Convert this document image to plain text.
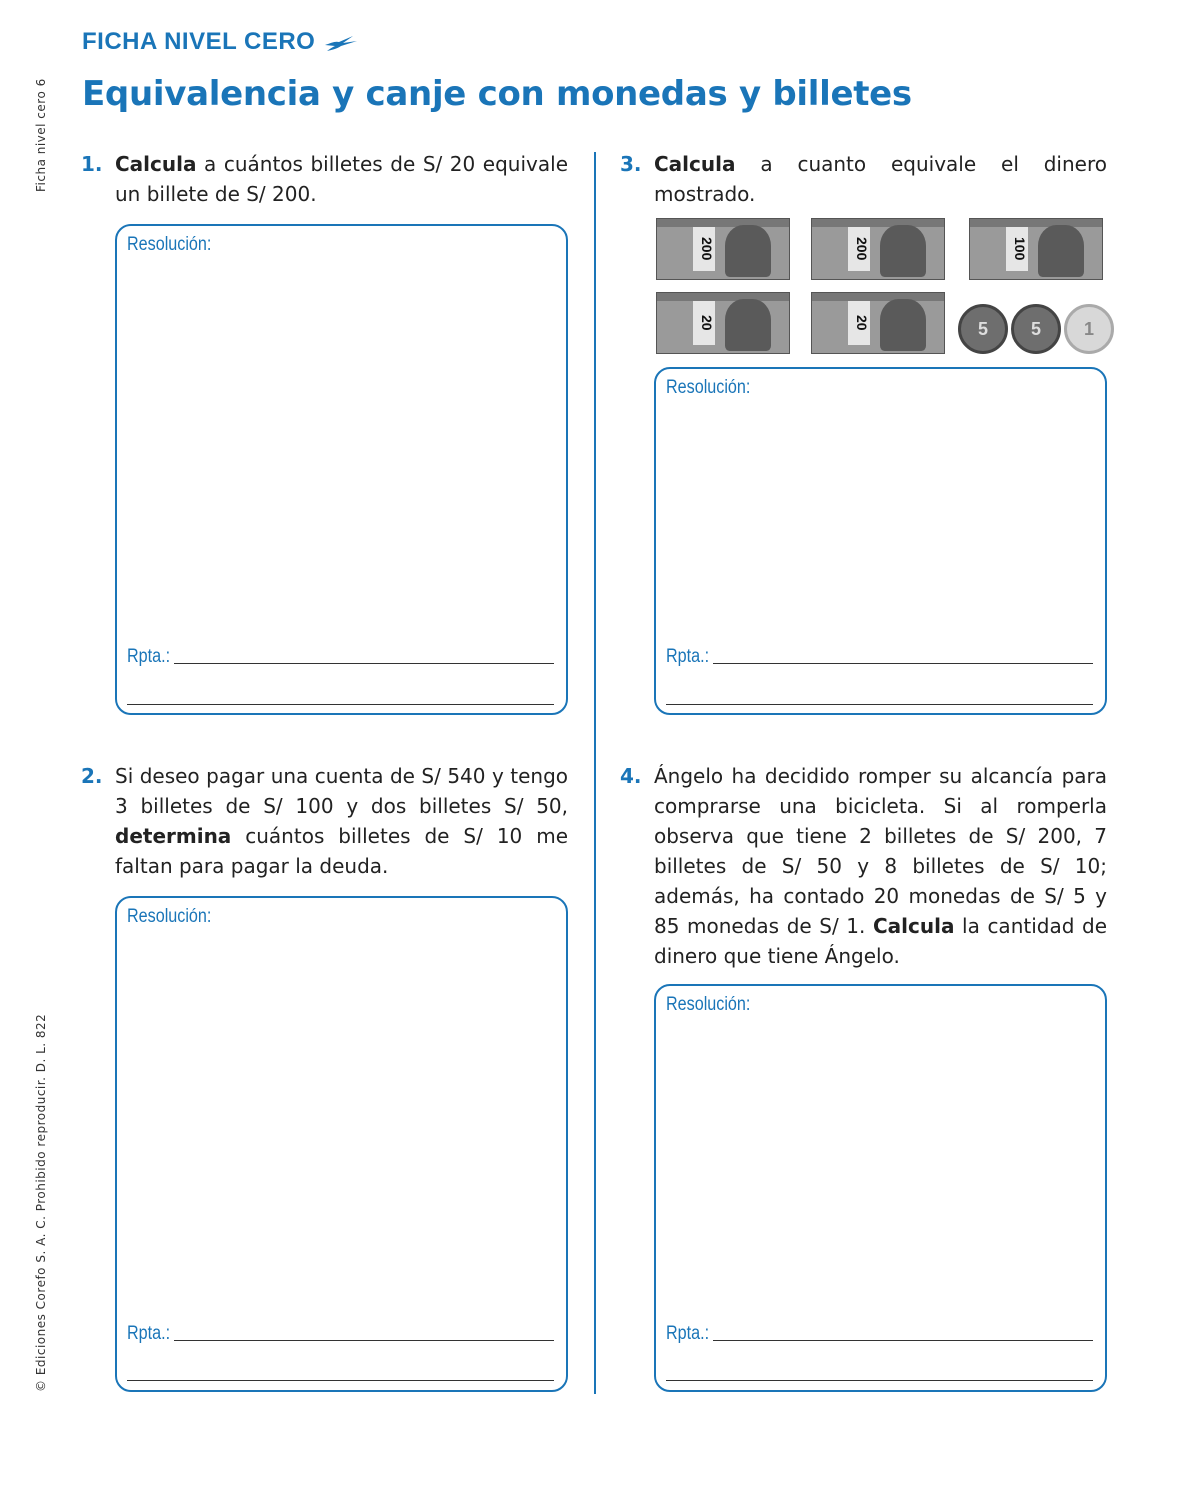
Ficha nivel cero 6
© Ediciones Corefo S. A. C. Prohibido reproducir. D. L. 822
FICHA NIVEL CERO
Equivalencia y canje con monedas y billetes
1. Calcula a cuántos billetes de S/ 20 equivale un billete de S/ 200.
Resolución:
Rpta.:
2. Si deseo pagar una cuenta de S/ 540 y tengo 3 billetes de S/ 100 y dos billetes S/ 50, determina cuántos billetes de S/ 10 me faltan para pagar la deuda.
Resolución:
Rpta.:
3. Calcula a cuanto equivale el dinero mostrado.
200	200	100
20	20	5	5	1
Resolución:
Rpta.:
4. Ángelo ha decidido romper su alcancía para comprarse una bicicleta. Si al romperla observa que tiene 2 billetes de S/ 200, 7 billetes de S/ 50 y 8 billetes de S/ 10; además, ha contado 20 monedas de S/ 5 y 85 monedas de S/ 1. Calcula la cantidad de dinero que tiene Ángelo.
Resolución:
Rpta.:
